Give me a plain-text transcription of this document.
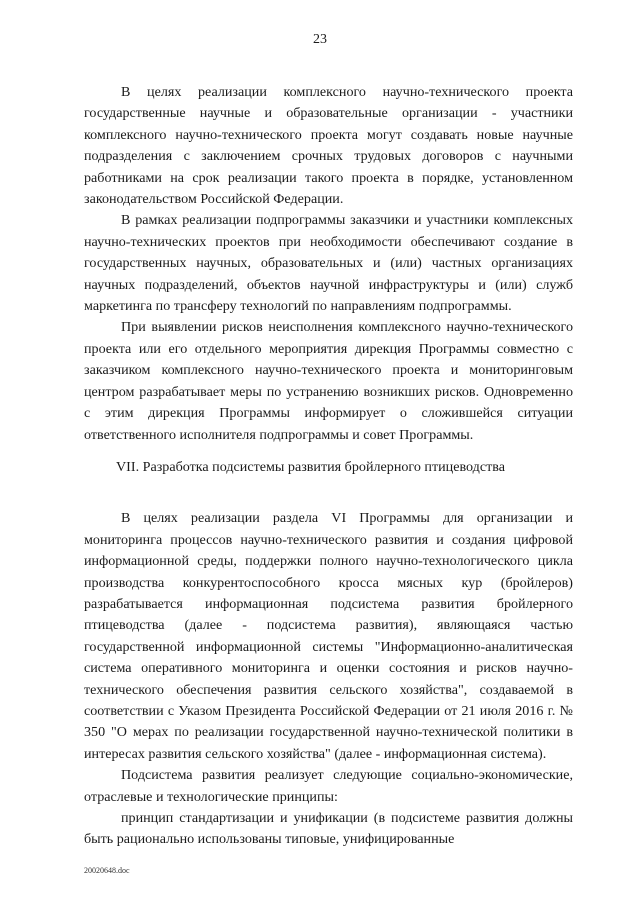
23

В целях реализации комплексного научно-технического проекта государственные научные и образовательные организации - участники комплексного научно-технического проекта могут создавать новые научные подразделения с заключением срочных трудовых договоров с научными работниками на срок реализации такого проекта в порядке, установленном законодательством Российской Федерации.

В рамках реализации подпрограммы заказчики и участники комплексных научно-технических проектов при необходимости обеспечивают создание в государственных научных, образовательных и (или) частных организациях научных подразделений, объектов научной инфраструктуры и (или) служб маркетинга по трансферу технологий по направлениям подпрограммы.

При выявлении рисков неисполнения комплексного научно-технического проекта или его отдельного мероприятия дирекция Программы совместно с заказчиком комплексного научно-технического проекта и мониторинговым центром разрабатывает меры по устранению возникших рисков. Одновременно с этим дирекция Программы информирует о сложившейся ситуации ответственного исполнителя подпрограммы и совет Программы.

VII. Разработка подсистемы развития бройлерного птицеводства

В целях реализации раздела VI Программы для организации и мониторинга процессов научно-технического развития и создания цифровой информационной среды, поддержки полного научно-технологического цикла производства конкурентоспособного кросса мясных кур (бройлеров) разрабатывается информационная подсистема развития бройлерного птицеводства (далее - подсистема развития), являющаяся частью государственной информационной системы "Информационно-аналитическая система оперативного мониторинга и оценки состояния и рисков научно-технического обеспечения развития сельского хозяйства", создаваемой в соответствии с Указом Президента Российской Федерации от 21 июля 2016 г. № 350 "О мерах по реализации государственной научно-технической политики в интересах развития сельского хозяйства" (далее - информационная система).

Подсистема развития реализует следующие социально-экономические, отраслевые и технологические принципы:

принцип стандартизации и унификации (в подсистеме развития должны быть рационально использованы типовые, унифицированные

20020648.doc
